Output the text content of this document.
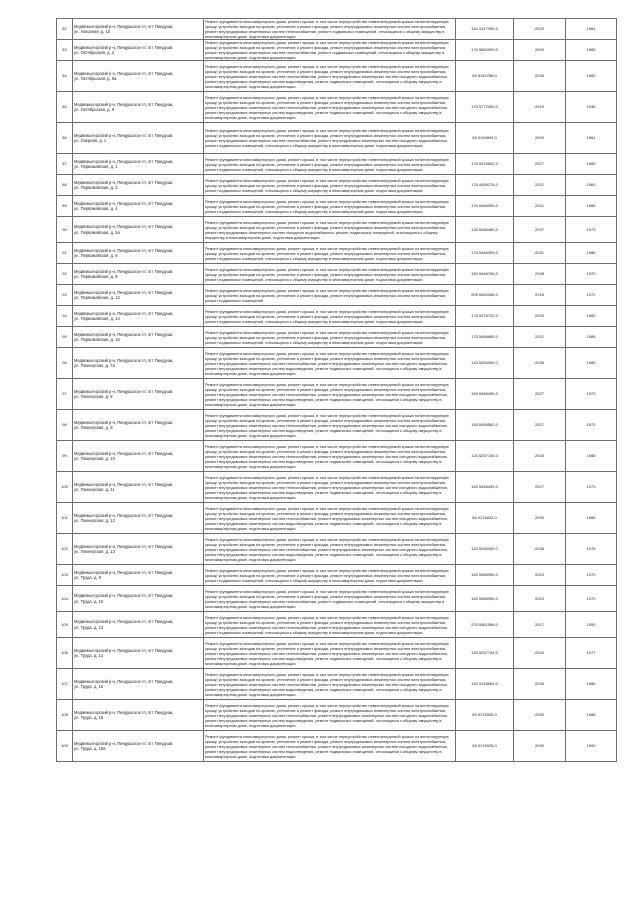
82	Медвежьегорский р-н, Пиндушское гп, пгт Пиндуши,
ул. Нагорная, д. 10	Ремонт фундамента многоквартирного дома, ремонт крыши, в том числе переустройство невентилируемой крыши на вентилируемую крышу, устройство выходов на кровлю, утепление и ремонт фасада, ремонт внутридомовых инженерных систем электроснабжения, ремонт внутридомовых инженерных систем теплоснабжения, ремонт подвальных помещений, относящихся к общему имуществу в многоквартирном доме, подготовка документации	116 3147390,5	2020	1984
83	Медвежьегорский р-н, Пиндушское гп, пгт Пиндуши,
ул. Октябрьская, д. 2	Ремонт фундамента многоквартирного дома, ремонт крыши, в том числе переустройство невентилируемой крыши на вентилируемую крышу, устройство выходов на кровлю, утепление и ремонт фасада, ремонт внутридомовых инженерных систем электроснабжения, ремонт внутридомовых инженерных систем теплоснабжения, ремонт подвальных помещений, относящихся к общему имуществу в многоквартирном доме, подготовка документации	176 5582003,0	2020	1985
84	Медвежьегорский р-н, Пиндушское гп, пгт Пиндуши,
ул. Октябрьская, д. 6а	Ремонт фундамента многоквартирного дома, ремонт крыши, в том числе переустройство невентилируемой крыши на вентилируемую крышу, устройство выходов на кровлю, утепление и ремонт фасада, ремонт внутридомовых инженерных систем электроснабжения, ремонт внутридомовых инженерных систем теплоснабжения, ремонт внутридомовых инженерных систем холодного водоснабжения, ремонт внутридомовых инженерных систем водоотведения, ремонт подвальных помещений, относящихся к общему имуществу в многоквартирном доме, подготовка документации	65 5140768,0	2036	1980
85	Медвежьегорский р-н, Пиндушское гп, пгт Пиндуши,
ул. Октябрьская, д. 9	Ремонт фундамента многоквартирного дома, ремонт крыши, в том числе переустройство невентилируемой крыши на вентилируемую крышу, устройство выходов на кровлю, утепление и ремонт фасада, ремонт внутридомовых инженерных систем электроснабжения, ремонт внутридомовых инженерных систем теплоснабжения, ремонт внутридомовых инженерных систем холодного водоснабжения, ремонт внутридомовых инженерных систем водоотведения, ремонт подвальных помещений, относящихся к общему имуществу в многоквартирном доме, подготовка документации	175 5772300,0	2019	1936
86	Медвежьегорский р-н, Пиндушское гп, пгт Пиндуши,
ул. Озерная, д. 1	Ремонт фундамента многоквартирного дома, ремонт крыши, в том числе переустройство невентилируемой крыши на вентилируемую крышу, устройство выходов на кровлю, утепление и ремонт фасада, ремонт внутридомовых инженерных систем электроснабжения, ремонт внутридомовых инженерных систем теплоснабжения, ремонт внутридомовых инженерных систем холодного водоснабжения, ремонт подвальных помещений, относящихся к общему имуществу в многоквартирном доме, подготовка документации	65 0199893,0	2020	1981
87	Медвежьегорский р-н, Пиндушское гп, пгт Пиндуши,
ул. Первомайская, д. 1	Ремонт фундамента многоквартирного дома, ремонт крыши, в том числе переустройство невентилируемой крыши на вентилируемую крышу, устройство выходов на кровлю, утепление и ремонт фасада, ремонт внутридомовых инженерных систем электроснабжения, ремонт подвальных помещений, относящихся к общему имуществу в многоквартирном доме, подготовка документации	176 0519502,0	2027	1989
88	Медвежьегорский р-н, Пиндушское гп, пгт Пиндуши,
ул. Первомайская, д. 3	Ремонт фундамента многоквартирного дома, ремонт крыши, в том числе переустройство невентилируемой крыши на вентилируемую крышу, устройство выходов на кровлю, утепление и ремонт фасада, ремонт внутридомовых инженерных систем электроснабжения, ремонт подвальных помещений, относящихся к общему имуществу в многоквартирном доме, подготовка документации	176 4496176,0	2021	1960
89	Медвежьегорский р-н, Пиндушское гп, пгт Пиндуши,
ул. Первомайская, д. 4	Ремонт фундамента многоквартирного дома, ремонт крыши, в том числе переустройство невентилируемой крыши на вентилируемую крышу, устройство выходов на кровлю, утепление и ремонт фасада, ремонт внутридомовых инженерных систем электроснабжения, ремонт подвальных помещений, относящихся к общему имуществу в многоквартирном доме, подготовка документации	176 5466305,0	2021	1986
90	Медвежьегорский р-н, Пиндушское гп, пгт Пиндуши,
ул. Первомайская, д. 5а	Ремонт фундамента многоквартирного дома, ремонт крыши, в том числе переустройство невентилируемой крыши на вентилируемую крышу, устройство выходов на кровлю, утепление и ремонт фасада, ремонт внутридомовых инженерных систем электроснабжения, ремонт внутридомовых инженерных систем холодного водоснабжения, ремонт подвальных помещений, относящихся к общему имуществу в многоквартирном доме, подготовка документации	135 5286489,0	2037	1973
91	Медвежьегорский р-н, Пиндушское гп, пгт Пиндуши,
ул. Первомайская, д. 8	Ремонт фундамента многоквартирного дома, ремонт крыши, в том числе переустройство невентилируемой крыши на вентилируемую крышу, устройство выходов на кровлю, утепление и ремонт фасада, ремонт внутридомовых инженерных систем электроснабжения, ремонт подвальных помещений, относящихся к общему имуществу в многоквартирном доме, подготовка документации	176 5466305,0	2021	1986
92	Медвежьегорский р-н, Пиндушское гп, пгт Пиндуши,
ул. Первомайская, д. 9	Ремонт фундамента многоквартирного дома, ремонт крыши, в том числе переустройство невентилируемой крыши на вентилируемую крышу, устройство выходов на кровлю, утепление и ремонт фасада, ремонт внутридомовых инженерных систем электроснабжения, ремонт подвальных помещений, относящихся к общему имуществу в многоквартирном доме, подготовка документации	150 5466706,0	2038	1970
93	Медвежьегорский р-н, Пиндушское гп, пгт Пиндуши,
ул. Первомайская, д. 12	Ремонт фундамента многоквартирного дома, ремонт крыши, в том числе переустройство невентилируемой крыши на вентилируемую крышу, устройство выходов на кровлю, утепление и ремонт фасада, ремонт внутридомовых инженерных систем электроснабжения, ремонт подвальных помещений	205 5550398,0	2016	1972
94	Медвежьегорский р-н, Пиндушское гп, пгт Пиндуши,
ул. Первомайская, д. 14	Ремонт фундамента многоквартирного дома, ремонт крыши, в том числе переустройство невентилируемой крыши на вентилируемую крышу, устройство выходов на кровлю, утепление и ремонт фасада, ремонт внутридомовых инженерных систем электроснабжения, ремонт подвальных помещений, относящихся к общему имуществу в многоквартирном доме, подготовка документации	175 5476702,0	2020	1980
95	Медвежьегорский р-н, Пиндушское гп, пгт Пиндуши,
ул. Первомайская, д. 16	Ремонт фундамента многоквартирного дома, ремонт крыши, в том числе переустройство невентилируемой крыши на вентилируемую крышу, устройство выходов на кровлю, утепление и ремонт фасада, ремонт внутридомовых инженерных систем электроснабжения, ремонт подвальных помещений, относящихся к общему имуществу в многоквартирном доме, подготовка документации	175 5486685,0	2021	1988
96	Медвежьегорский р-н, Пиндушское гп, пгт Пиндуши,
ул. Пионерская, д. 7а	Ремонт фундамента многоквартирного дома, ремонт крыши, в том числе переустройство невентилируемой крыши на вентилируемую крышу, устройство выходов на кровлю, утепление и ремонт фасада, ремонт внутридомовых инженерных систем электроснабжения, ремонт внутридомовых инженерных систем теплоснабжения, ремонт внутридомовых инженерных систем холодного водоснабжения, ремонт внутридомовых инженерных систем водоотведения, ремонт подвальных помещений, относящихся к общему имуществу в многоквартирном доме, подготовка документации	115 5290492,0	2036	1980
97	Медвежьегорский р-н, Пиндушское гп, пгт Пиндуши,
ул. Пионерская, д. 8	Ремонт фундамента многоквартирного дома, ремонт крыши, в том числе переустройство невентилируемой крыши на вентилируемую крышу, устройство выходов на кровлю, утепление и ремонт фасада, ремонт внутридомовых инженерных систем электроснабжения, ремонт внутридомовых инженерных систем теплоснабжения, ремонт внутридомовых инженерных систем холодного водоснабжения, ремонт внутридомовых инженерных систем водоотведения, ремонт подвальных помещений, относящихся к общему имуществу в многоквартирном доме, подготовка документации	155 5456495,0	2027	1973
98	Медвежьегорский р-н, Пиндушское гп, пгт Пиндуши,
ул. Пионерская, д. 9	Ремонт фундамента многоквартирного дома, ремонт крыши, в том числе переустройство невентилируемой крыши на вентилируемую крышу, устройство выходов на кровлю, утепление и ремонт фасада, ремонт внутридомовых инженерных систем электроснабжения, ремонт внутридомовых инженерных систем теплоснабжения, ремонт внутридомовых инженерных систем холодного водоснабжения, ремонт внутридомовых инженерных систем водоотведения, ремонт подвальных помещений, относящихся к общему имуществу в многоквартирном доме, подготовка документации	155 0456562,0	2027	1972
99	Медвежьегорский р-н, Пиндушское гп, пгт Пиндуши,
ул. Пионерская, д. 10	Ремонт фундамента многоквартирного дома, ремонт крыши, в том числе переустройство невентилируемой крыши на вентилируемую крышу, устройство выходов на кровлю, утепление и ремонт фасада, ремонт внутридомовых инженерных систем электроснабжения, ремонт внутридомовых инженерных систем теплоснабжения, ремонт внутридомовых инженерных систем холодного водоснабжения, ремонт внутридомовых инженерных систем водоотведения, ремонт подвальных помещений, относящихся к общему имуществу в многоквартирном доме, подготовка документации	125 5257106,0	2035	1988
100	Медвежьегорский р-н, Пиндушское гп, пгт Пиндуши,
ул. Пионерская, д. 11	Ремонт фундамента многоквартирного дома, ремонт крыши, в том числе переустройство невентилируемой крыши на вентилируемую крышу, устройство выходов на кровлю, утепление и ремонт фасада, ремонт внутридомовых инженерных систем электроснабжения, ремонт внутридомовых инженерных систем теплоснабжения, ремонт внутридомовых инженерных систем холодного водоснабжения, ремонт внутридомовых инженерных систем водоотведения, ремонт подвальных помещений, относящихся к общему имуществу в многоквартирном доме, подготовка документации	155 5456495,0	2027	1973
101	Медвежьегорский р-н, Пиндушское гп, пгт Пиндуши,
ул. Пионерская, д. 12	Ремонт фундамента многоквартирного дома, ремонт крыши, в том числе переустройство невентилируемой крыши на вентилируемую крышу, устройство выходов на кровлю, утепление и ремонт фасада, ремонт внутридомовых инженерных систем электроснабжения, ремонт внутридомовых инженерных систем теплоснабжения, ремонт внутридомовых инженерных систем холодного водоснабжения, ремонт внутридомовых инженерных систем водоотведения, ремонт подвальных помещений, относящихся к общему имуществу в многоквартирном доме, подготовка документации	65 0176823,0	2030	1986
102	Медвежьегорский р-н, Пиндушское гп, пгт Пиндуши,
ул. Пионерская, д. 13	Ремонт фундамента многоквартирного дома, ремонт крыши, в том числе переустройство невентилируемой крыши на вентилируемую крышу, устройство выходов на кровлю, утепление и ремонт фасада, ремонт внутридомовых инженерных систем электроснабжения, ремонт внутридомовых инженерных систем теплоснабжения, ремонт внутридомовых инженерных систем холодного водоснабжения, ремонт внутридомовых инженерных систем водоотведения, ремонт подвальных помещений, относящихся к общему имуществу в многоквартирном доме, подготовка документации	115 5290492,0	2036	1976
103	Медвежьегорский р-н, Пиндушское гп, пгт Пиндуши,
ул. Труда, д. 9	Ремонт фундамента многоквартирного дома, ремонт крыши, в том числе переустройство невентилируемой крыши на вентилируемую крышу, устройство выходов на кровлю, утепление и ремонт фасада, ремонт внутридомовых инженерных систем электроснабжения, ремонт подвальных помещений, относящихся к общему имуществу в многоквартирном доме, подготовка документации	155 5586956,0	2024	1970
104	Медвежьегорский р-н, Пиндушское гп, пгт Пиндуши,
ул. Труда, д. 10	Ремонт фундамента многоквартирного дома, ремонт крыши, в том числе переустройство невентилируемой крыши на вентилируемую крышу, устройство выходов на кровлю, утепление и ремонт фасада, ремонт внутридомовых инженерных систем электроснабжения, ремонт внутридомовых инженерных систем теплоснабжения, ремонт подвальных помещений, относящихся к общему имуществу в многоквартирном доме, подготовка документации	155 5586956,0	2024	1970
105	Медвежьегорский р-н, Пиндушское гп, пгт Пиндуши,
ул. Труда, д. 13	Ремонт фундамента многоквартирного дома, ремонт крыши, в том числе переустройство невентилируемой крыши на вентилируемую крышу, устройство выходов на кровлю, утепление и ремонт фасада, ремонт внутридомовых инженерных систем электроснабжения, ремонт внутридомовых инженерных систем теплоснабжения, ремонт внутридомовых инженерных систем холодного водоснабжения, ремонт подвальных помещений, относящихся к общему имуществу в многоквартирном доме, подготовка документации	225 5561598,0	2017	1950
106	Медвежьегорский р-н, Пиндушское гп, пгт Пиндуши,
ул. Труда, д. 14	Ремонт фундамента многоквартирного дома, ремонт крыши, в том числе переустройство невентилируемой крыши на вентилируемую крышу, устройство выходов на кровлю, утепление и ремонт фасада, ремонт внутридомовых инженерных систем электроснабжения, ремонт внутридомовых инженерных систем теплоснабжения, ремонт внутридомовых инженерных систем холодного водоснабжения, ремонт внутридомовых инженерных систем водоотведения, ремонт подвальных помещений, относящихся к общему имуществу в многоквартирном доме, подготовка документации	135 5257704,0	2034	1977
107	Медвежьегорский р-н, Пиндушское гп, пгт Пиндуши,
ул. Труда, д. 16	Ремонт фундамента многоквартирного дома, ремонт крыши, в том числе переустройство невентилируемой крыши на вентилируемую крышу, устройство выходов на кровлю, утепление и ремонт фасада, ремонт внутридомовых инженерных систем электроснабжения, ремонт внутридомовых инженерных систем теплоснабжения, ремонт внутридомовых инженерных систем холодного водоснабжения, ремонт внутридомовых инженерных систем водоотведения, ремонт подвальных помещений, относящихся к общему имуществу в многоквартирном доме, подготовка документации	115 3148664,0	2036	1986
108	Медвежьегорский р-н, Пиндушское гп, пгт Пиндуши,
ул. Труда, д. 18	Ремонт фундамента многоквартирного дома, ремонт крыши, в том числе переустройство невентилируемой крыши на вентилируемую крышу, устройство выходов на кровлю, утепление и ремонт фасада, ремонт внутридомовых инженерных систем электроснабжения, ремонт внутридомовых инженерных систем теплоснабжения, ремонт внутридомовых инженерных систем холодного водоснабжения, ремонт внутридомовых инженерных систем водоотведения, ремонт подвальных помещений, относящихся к общему имуществу в многоквартирном доме, подготовка документации	65 0176925,0	2030	1988
109	Медвежьегорский р-н, Пиндушское гп, пгт Пиндуши,
ул. Труда, д. 18а	Ремонт фундамента многоквартирного дома, ремонт крыши, в том числе переустройство невентилируемой крыши на вентилируемую крышу, устройство выходов на кровлю, утепление и ремонт фасада, ремонт внутридомовых инженерных систем электроснабжения, ремонт внутридомовых инженерных систем теплоснабжения, ремонт внутридомовых инженерных систем холодного водоснабжения, ремонт внутридомовых инженерных систем водоотведения, ремонт подвальных помещений, относящихся к общему имуществу в многоквартирном доме, подготовка документации	65 0176925,0	2030	1990
